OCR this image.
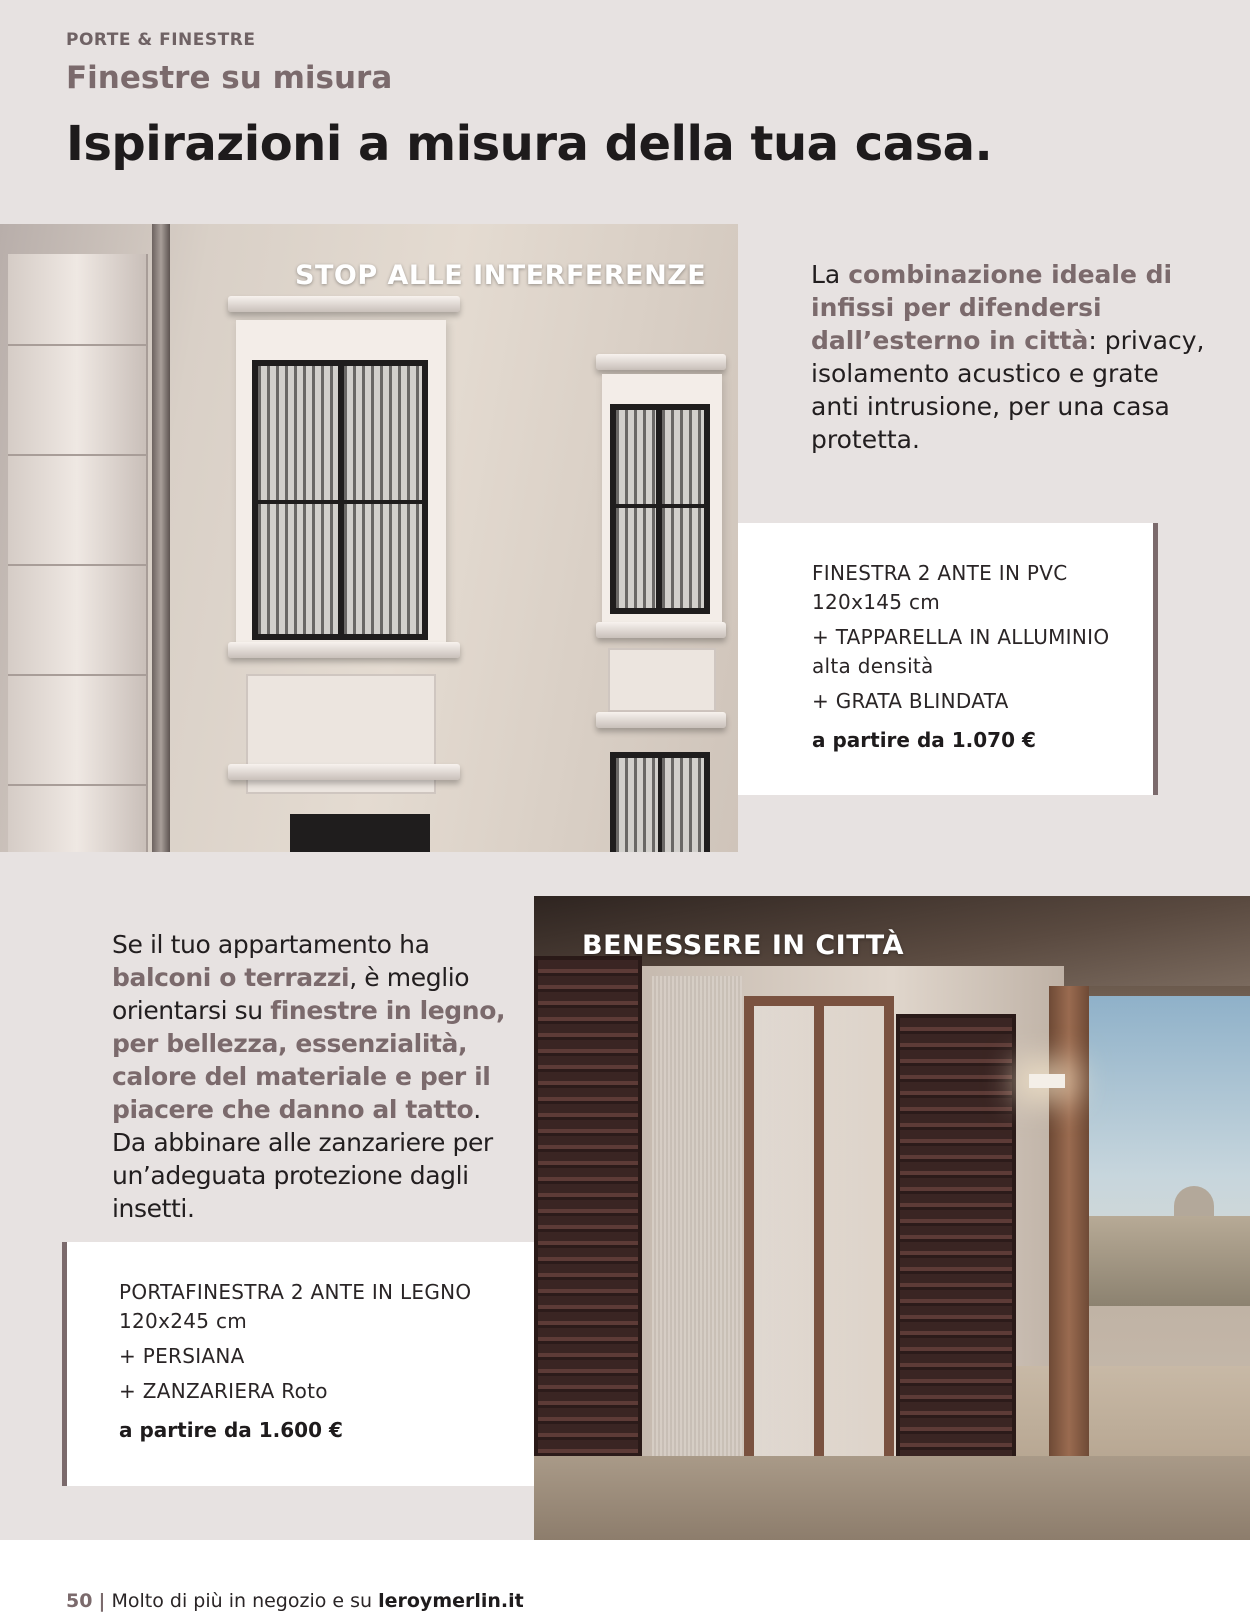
PORTE & FINESTRE
Finestre su misura
Ispirazioni a misura della tua casa.
STOP ALLE INTERFERENZE	La combinazione ideale di infissi per difendersi dall’esterno in città: privacy, isolamento acustico e grate anti intrusione, per una casa protetta.

FINESTRA 2 ANTE IN PVC
120x145 cm
+ TAPPARELLA IN ALLUMINIO
alta densità
+ GRATA BLINDATA
a partire da 1.070 €
BENESSERE IN CITTÀ

Se il tuo appartamento ha balconi o terrazzi, è meglio orientarsi su finestre in legno, per bellezza, essenzialità, calore del materiale e per il piacere che danno al tatto. Da abbinare alle zanzariere per un’adeguata protezione dagli insetti.

PORTAFINESTRA 2 ANTE IN LEGNO
120x245 cm
+ PERSIANA
+ ZANZARIERA Roto
a partire da 1.600 €
50 | Molto di più in negozio e su leroymerlin.it
